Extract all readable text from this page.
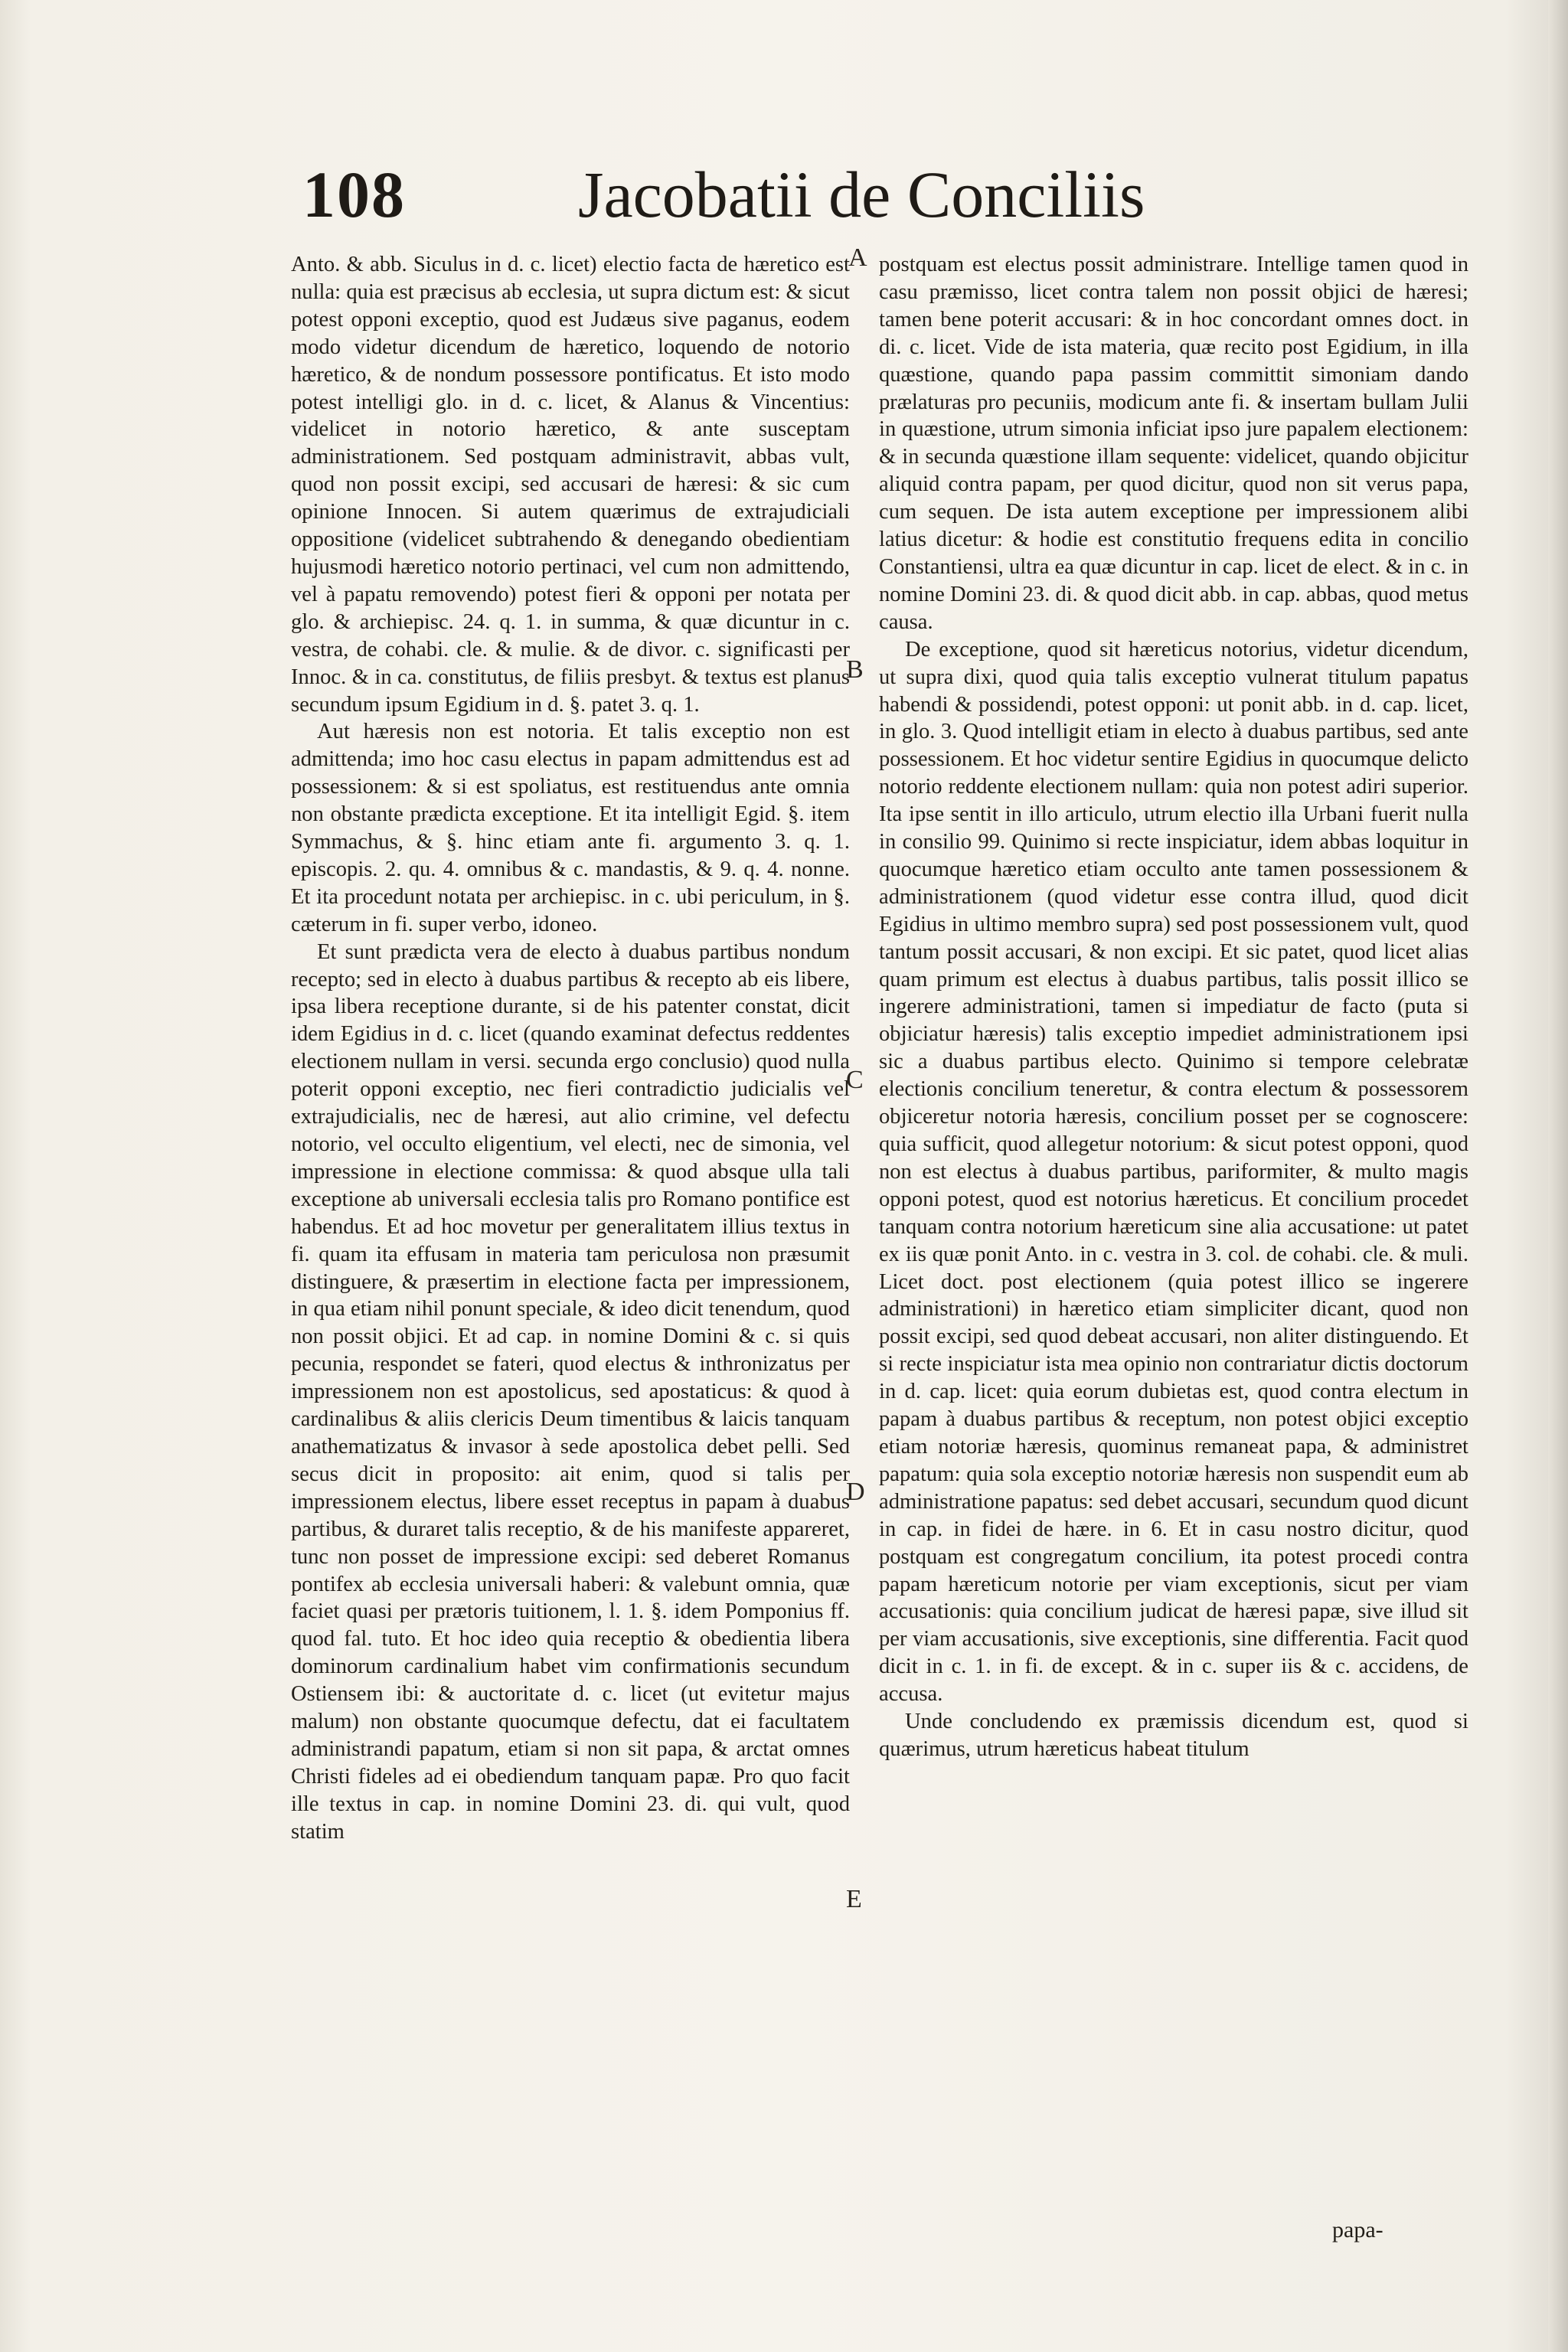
108	Jacobatii de Conciliis

Anto. & abb. Siculus in d. c. licet) electio facta de hæretico est nulla: quia est præcisus ab ecclesia, ut supra dictum est: & sicut potest opponi exceptio, quod est Judæus sive paganus, eodem modo videtur dicendum de hæretico, loquendo de notorio hæretico, & de nondum possessore pontificatus. Et isto modo potest intelligi glo. in d. c. licet, & Alanus & Vincentius: videlicet in notorio hæretico, & ante susceptam administrationem. Sed postquam administravit, abbas vult, quod non possit excipi, sed accusari de hæresi: & sic cum opinione Innocen. Si autem quærimus de extrajudiciali oppositione (videlicet subtrahendo & denegando obedientiam hujusmodi hæretico notorio pertinaci, vel cum non admittendo, vel à papatu removendo) potest fieri & opponi per notata per glo. & archiepisc. 24. q. 1. in summa, & quæ dicuntur in c. vestra, de cohabi. cle. & mulie. & de divor. c. significasti per Innoc. & in ca. constitutus, de filiis presbyt. & textus est planus secundum ipsum Egidium in d. §. patet 3. q. 1.

Aut hæresis non est notoria. Et talis exceptio non est admittenda; imo hoc casu electus in papam admittendus est ad possessionem: & si est spoliatus, est restituendus ante omnia non obstante prædicta exceptione. Et ita intelligit Egid. §. item Symmachus, & §. hinc etiam ante fi. argumento 3. q. 1. episcopis. 2. qu. 4. omnibus & c. mandastis, & 9. q. 4. nonne. Et ita procedunt notata per archiepisc. in c. ubi periculum, in §. cæterum in fi. super verbo, idoneo.

Et sunt prædicta vera de electo à duabus partibus nondum recepto; sed in electo à duabus partibus & recepto ab eis libere, ipsa libera receptione durante, si de his patenter constat, dicit idem Egidius in d. c. licet (quando examinat defectus reddentes electionem nullam in versi. secunda ergo conclusio) quod nulla poterit opponi exceptio, nec fieri contradictio judicialis vel extrajudicialis, nec de hæresi, aut alio crimine, vel defectu notorio, vel occulto eligentium, vel electi, nec de simonia, vel impressione in electione commissa: & quod absque ulla tali exceptione ab universali ecclesia talis pro Romano pontifice est habendus. Et ad hoc movetur per generalitatem illius textus in fi. quam ita effusam in materia tam periculosa non præsumit distinguere, & præsertim in electione facta per impressionem, in qua etiam nihil ponunt speciale, & ideo dicit tenendum, quod non possit objici. Et ad cap. in nomine Domini & c. si quis pecunia, respondet se fateri, quod electus & inthronizatus per impressionem non est apostolicus, sed apostaticus: & quod à cardinalibus & aliis clericis Deum timentibus & laicis tanquam anathematizatus & invasor à sede apostolica debet pelli. Sed secus dicit in proposito: ait enim, quod si talis per impressionem electus, libere esset receptus in papam à duabus partibus, & duraret talis receptio, & de his manifeste appareret, tunc non posset de impressione excipi: sed deberet Romanus pontifex ab ecclesia universali haberi: & valebunt omnia, quæ faciet quasi per prætoris tuitionem, l. 1. §. idem Pomponius ff. quod fal. tuto. Et hoc ideo quia receptio & obedientia libera dominorum cardinalium habet vim confirmationis secundum Ostiensem ibi: & auctoritate d. c. licet (ut evitetur majus malum) non obstante quocumque defectu, dat ei facultatem administrandi papatum, etiam si non sit papa, & arctat omnes Christi fideles ad ei obediendum tanquam papæ. Pro quo facit ille textus in cap. in nomine Domini 23. di. qui vult, quod statim

A
B
C
D
E

postquam est electus possit administrare. Intellige tamen quod in casu præmisso, licet contra talem non possit objici de hæresi; tamen bene poterit accusari: & in hoc concordant omnes doct. in di. c. licet. Vide de ista materia, quæ recito post Egidium, in illa quæstione, quando papa passim committit simoniam dando prælaturas pro pecuniis, modicum ante fi. & insertam bullam Julii in quæstione, utrum simonia inficiat ipso jure papalem electionem: & in secunda quæstione illam sequente: videlicet, quando objicitur aliquid contra papam, per quod dicitur, quod non sit verus papa, cum sequen. De ista autem exceptione per impressionem alibi latius dicetur: & hodie est constitutio frequens edita in concilio Constantiensi, ultra ea quæ dicuntur in cap. licet de elect. & in c. in nomine Domini 23. di. & quod dicit abb. in cap. abbas, quod metus causa.

De exceptione, quod sit hæreticus notorius, videtur dicendum, ut supra dixi, quod quia talis exceptio vulnerat titulum papatus habendi & possidendi, potest opponi: ut ponit abb. in d. cap. licet, in glo. 3. Quod intelligit etiam in electo à duabus partibus, sed ante possessionem. Et hoc videtur sentire Egidius in quocumque delicto notorio reddente electionem nullam: quia non potest adiri superior. Ita ipse sentit in illo articulo, utrum electio illa Urbani fuerit nulla in consilio 99. Quinimo si recte inspiciatur, idem abbas loquitur in quocumque hæretico etiam occulto ante tamen possessionem & administrationem (quod videtur esse contra illud, quod dicit Egidius in ultimo membro supra) sed post possessionem vult, quod tantum possit accusari, & non excipi. Et sic patet, quod licet alias quam primum est electus à duabus partibus, talis possit illico se ingerere administrationi, tamen si impediatur de facto (puta si objiciatur hæresis) talis exceptio impediet administrationem ipsi sic a duabus partibus electo. Quinimo si tempore celebratæ electionis concilium teneretur, & contra electum & possessorem objiceretur notoria hæresis, concilium posset per se cognoscere: quia sufficit, quod allegetur notorium: & sicut potest opponi, quod non est electus à duabus partibus, pariformiter, & multo magis opponi potest, quod est notorius hæreticus. Et concilium procedet tanquam contra notorium hæreticum sine alia accusatione: ut patet ex iis quæ ponit Anto. in c. vestra in 3. col. de cohabi. cle. & muli. Licet doct. post electionem (quia potest illico se ingerere administrationi) in hæretico etiam simpliciter dicant, quod non possit excipi, sed quod debeat accusari, non aliter distinguendo. Et si recte inspiciatur ista mea opinio non contrariatur dictis doctorum in d. cap. licet: quia eorum dubietas est, quod contra electum in papam à duabus partibus & receptum, non potest objici exceptio etiam notoriæ hæresis, quominus remaneat papa, & administret papatum: quia sola exceptio notoriæ hæresis non suspendit eum ab administratione papatus: sed debet accusari, secundum quod dicunt in cap. in fidei de hære. in 6. Et in casu nostro dicitur, quod postquam est congregatum concilium, ita potest procedi contra papam hæreticum notorie per viam exceptionis, sicut per viam accusationis: quia concilium judicat de hæresi papæ, sive illud sit per viam accusationis, sive exceptionis, sine differentia. Facit quod dicit in c. 1. in fi. de except. & in c. super iis & c. accidens, de accusa.

Unde concludendo ex præmissis dicendum est, quod si quærimus, utrum hæreticus habeat titulum

papa-
